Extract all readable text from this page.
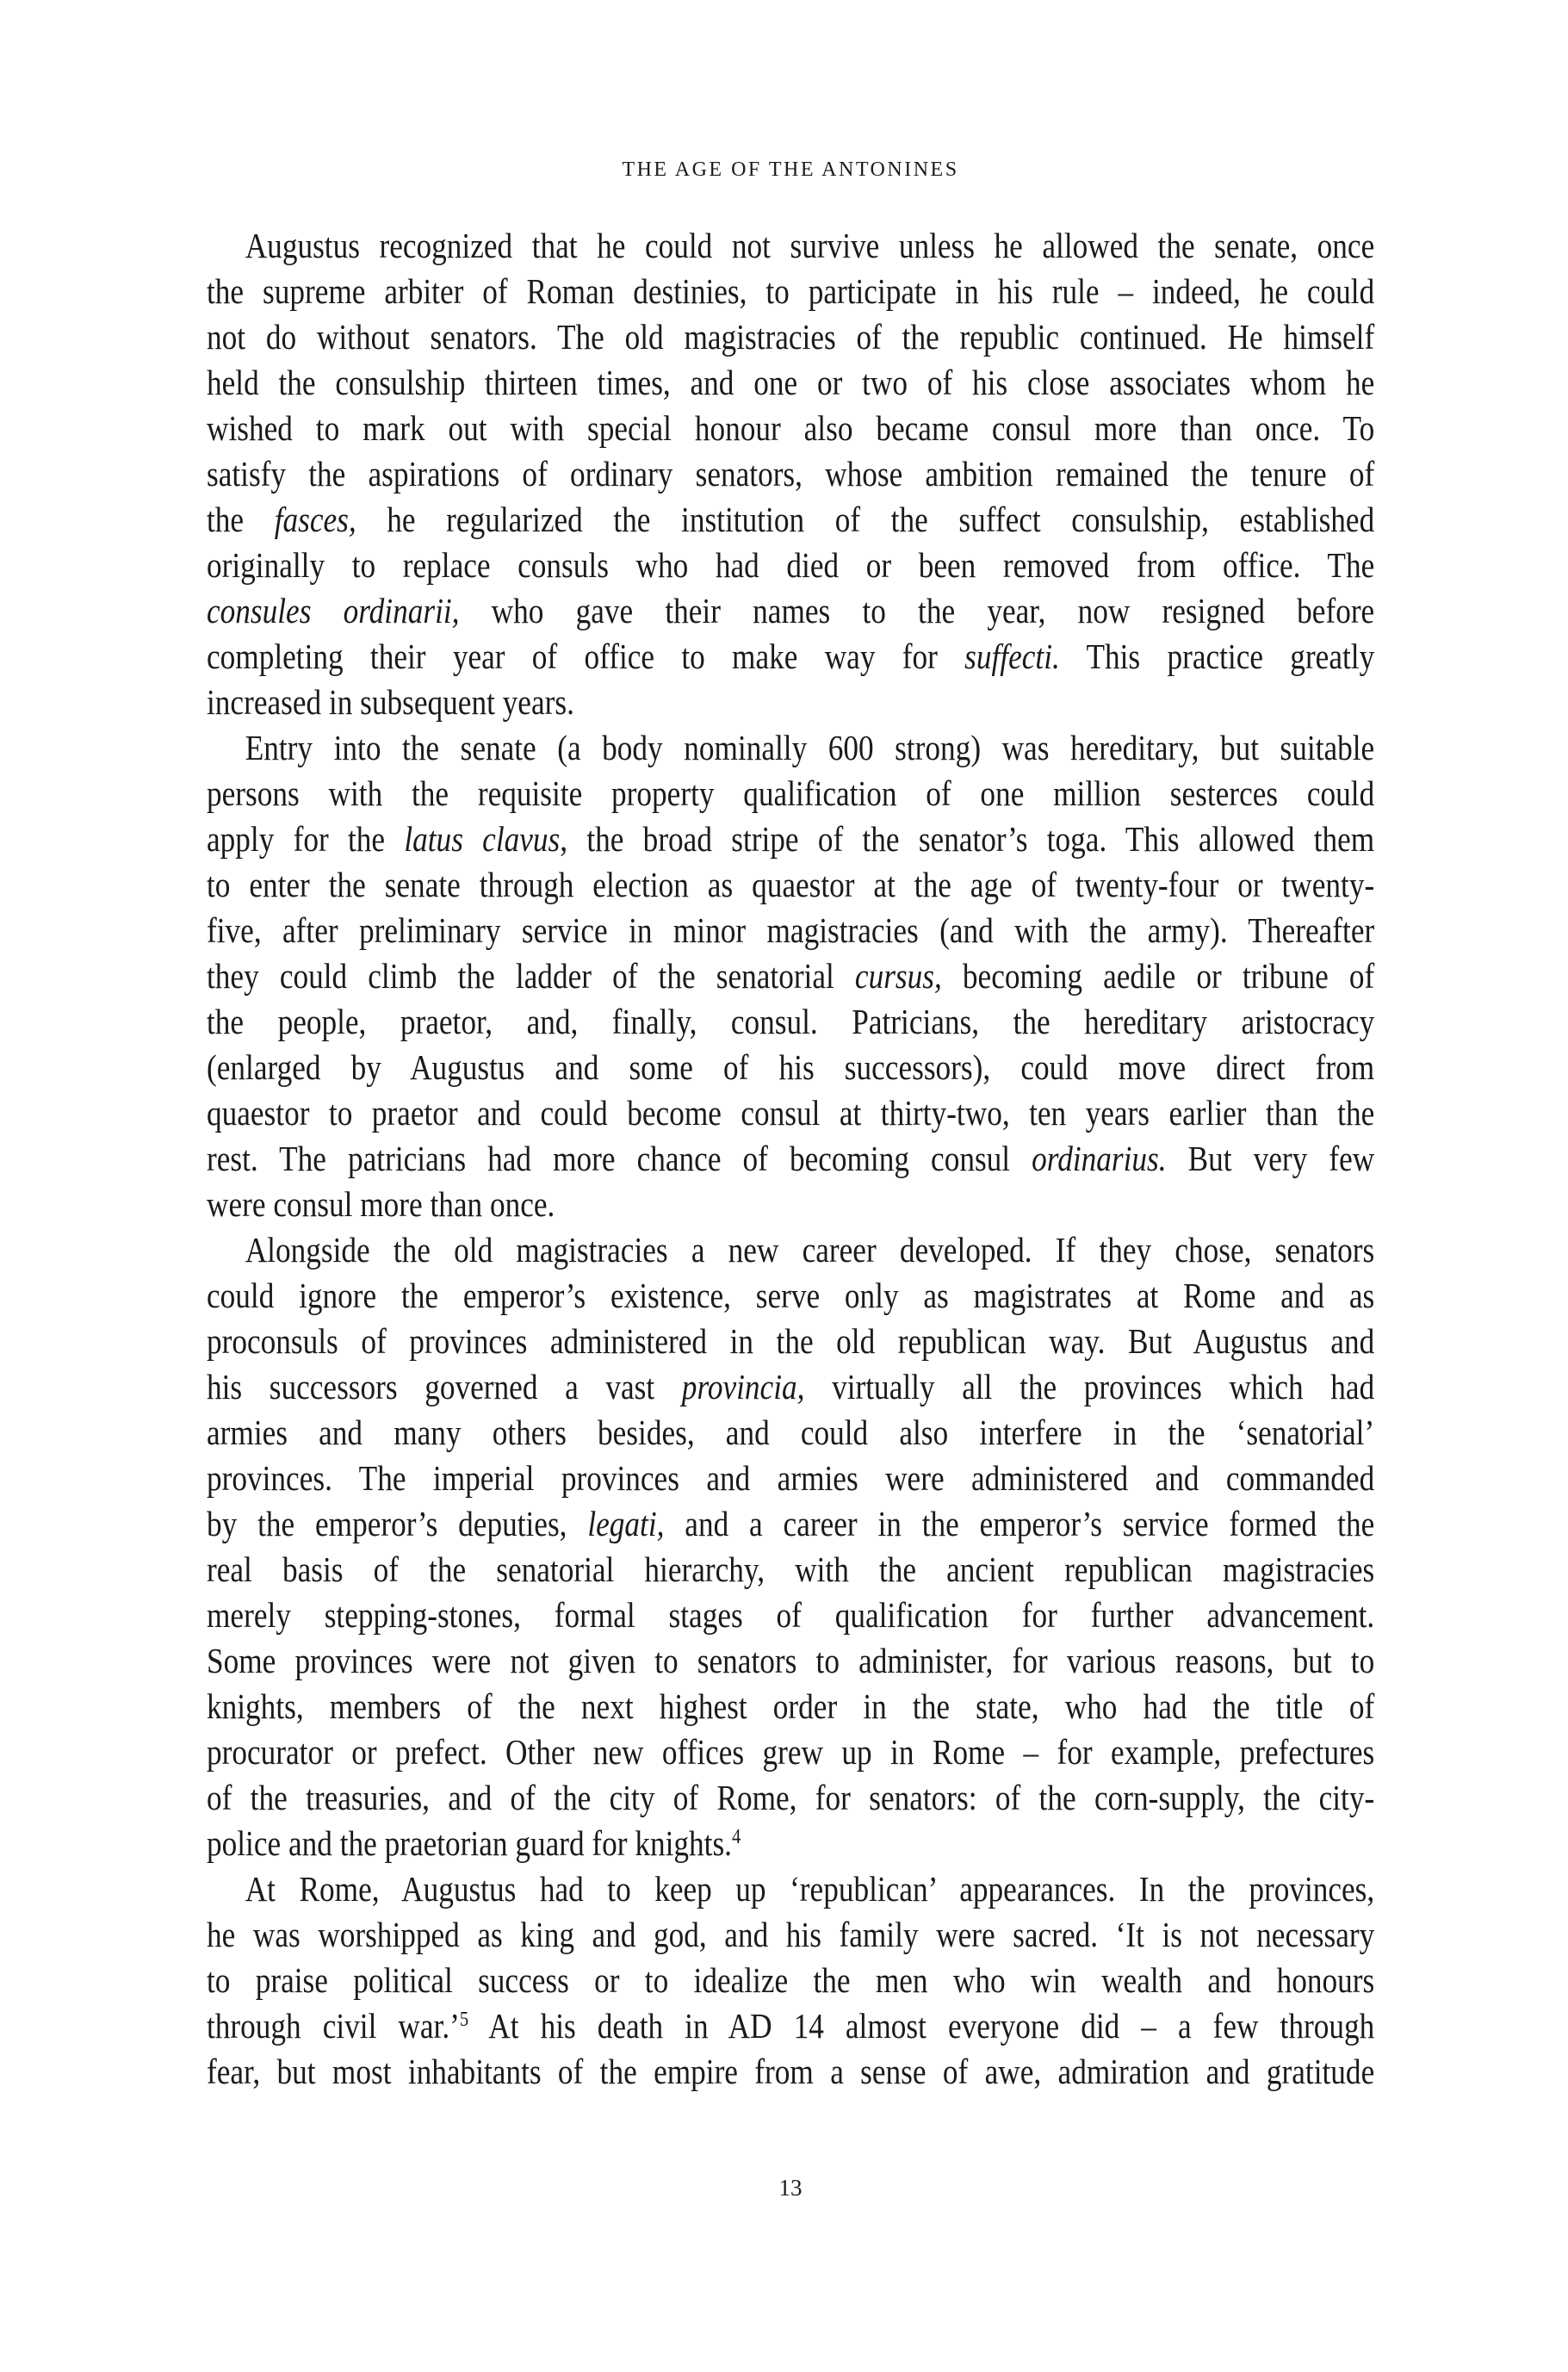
THE AGE OF THE ANTONINES
Augustus recognized that he could not survive unless he allowed the senate, once
the supreme arbiter of Roman destinies, to participate in his rule – indeed, he could
not do without senators. The old magistracies of the republic continued. He himself
held the consulship thirteen times, and one or two of his close associates whom he
wished to mark out with special honour also became consul more than once. To
satisfy the aspirations of ordinary senators, whose ambition remained the tenure of
the fasces, he regularized the institution of the suffect consulship, established
originally to replace consuls who had died or been removed from office. The
consules ordinarii, who gave their names to the year, now resigned before
completing their year of office to make way for suffecti. This practice greatly
increased in subsequent years.
Entry into the senate (a body nominally 600 strong) was hereditary, but suitable
persons with the requisite property qualification of one million sesterces could
apply for the latus clavus, the broad stripe of the senator’s toga. This allowed them
to enter the senate through election as quaestor at the age of twenty-four or twenty-
five, after preliminary service in minor magistracies (and with the army). Thereafter
they could climb the ladder of the senatorial cursus, becoming aedile or tribune of
the people, praetor, and, finally, consul. Patricians, the hereditary aristocracy
(enlarged by Augustus and some of his successors), could move direct from
quaestor to praetor and could become consul at thirty-two, ten years earlier than the
rest. The patricians had more chance of becoming consul ordinarius. But very few
were consul more than once.
Alongside the old magistracies a new career developed. If they chose, senators
could ignore the emperor’s existence, serve only as magistrates at Rome and as
proconsuls of provinces administered in the old republican way. But Augustus and
his successors governed a vast provincia, virtually all the provinces which had
armies and many others besides, and could also interfere in the ‘senatorial’
provinces. The imperial provinces and armies were administered and commanded
by the emperor’s deputies, legati, and a career in the emperor’s service formed the
real basis of the senatorial hierarchy, with the ancient republican magistracies
merely stepping-stones, formal stages of qualification for further advancement.
Some provinces were not given to senators to administer, for various reasons, but to
knights, members of the next highest order in the state, who had the title of
procurator or prefect. Other new offices grew up in Rome – for example, prefectures
of the treasuries, and of the city of Rome, for senators: of the corn-supply, the city-
police and the praetorian guard for knights.$^4$
At Rome, Augustus had to keep up ‘republican’ appearances. In the provinces,
he was worshipped as king and god, and his family were sacred. ‘It is not necessary
to praise political success or to idealize the men who win wealth and honours
through civil war.’$^5$ At his death in AD 14 almost everyone did – a few through
fear, but most inhabitants of the empire from a sense of awe, admiration and gratitude
13
